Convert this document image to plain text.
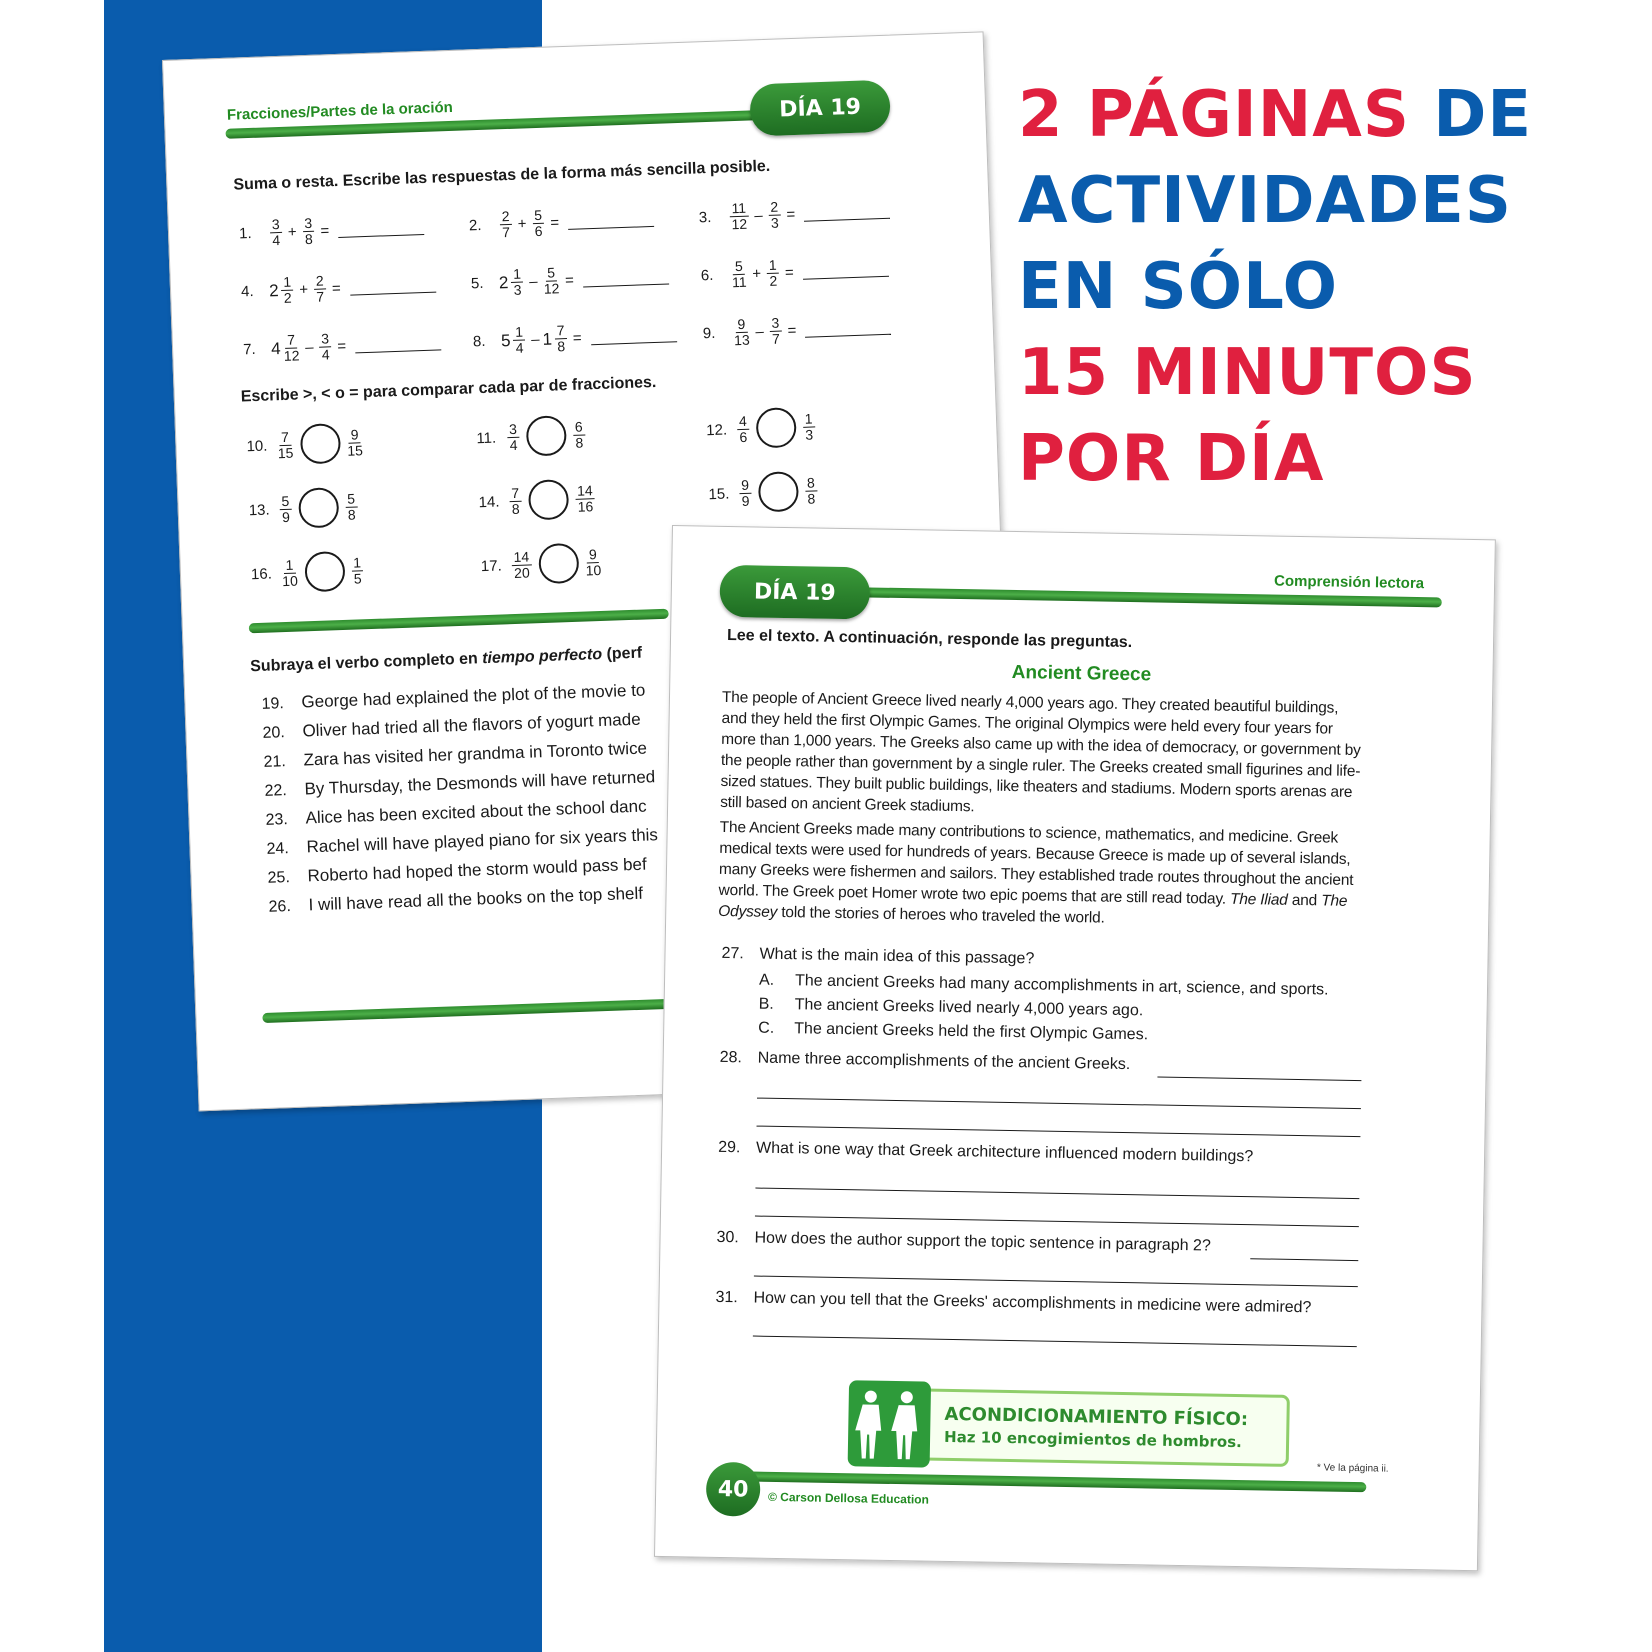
Fracciones/Partes de la oración	DÍA 19
Suma o resta. Escribe las respuestas de la forma más sencilla posible.
1.	$\frac{3}{4} + \frac{3}{8}$ =	2.	$\frac{2}{7} + \frac{5}{6}$ =	3.	$\frac{11}{12} - \frac{2}{3}$ =
4. $2 \frac{1}{2} + \frac{2}{7}$ =	5. $2 \frac{1}{3} - \frac{5}{12}$ =	6.	$\frac{5}{11} + \frac{1}{2}$ =
7. $4 \frac{7}{12} - \frac{3}{4}$ =	8. $5 \frac{1}{4} - 1 \frac{7}{8}$ =	9.	$\frac{9}{13} - \frac{3}{7}$ =
Escribe >, < o = para comparar cada par de fracciones.
10. $\frac{7}{15}$	$\frac{9}{15}$	11. $\frac{3}{4}$	$\frac{6}{8}$	12. $\frac{4}{6}$	$\frac{1}{3}$
13. $\frac{5}{9}$	$\frac{5}{8}$	14. $\frac{7}{8}$	$\frac{14}{16}$	15. $\frac{9}{9}$	$\frac{8}{8}$
16. $\frac{1}{10}$	$\frac{1}{5}$	17. $\frac{14}{20}$	$\frac{9}{10}$
Subraya el verbo completo en tiempo perfecto (perf
19. George had explained the plot of the movie to
20. Oliver had tried all the flavors of yogurt made
21. Zara has visited her grandma in Toronto twice
22. By Thursday, the Desmonds will have returned
23. Alice has been excited about the school danc
24. Rachel will have played piano for six years this
25. Roberto had hoped the storm would pass bef
26. I will have read all the books on the top shelf
2 PÁGINAS DE
ACTIVIDADES
EN SÓLO
15 MINUTOS
POR DÍA
DÍA 19	Comprensión lectora
Lee el texto. A continuación, responde las preguntas.
Ancient Greece
The people of Ancient Greece lived nearly 4,000 years ago. They created beautiful buildings, and they held the first Olympic Games. The original Olympics were held every four years for more than 1,000 years. The Greeks also came up with the idea of democracy, or government by the people rather than government by a single ruler. The Greeks created small figurines and life-sized statues. They built public buildings, like theaters and stadiums. Modern sports arenas are still based on ancient Greek stadiums.
The Ancient Greeks made many contributions to science, mathematics, and medicine. Greek medical texts were used for hundreds of years. Because Greece is made up of several islands, many Greeks were fishermen and sailors. They established trade routes throughout the ancient world. The Greek poet Homer wrote two epic poems that are still read today. The Iliad and The Odyssey told the stories of heroes who traveled the world.
27. What is the main idea of this passage?
A. The ancient Greeks had many accomplishments in art, science, and sports.
B. The ancient Greeks lived nearly 4,000 years ago.
C. The ancient Greeks held the first Olympic Games.
28. Name three accomplishments of the ancient Greeks.
29. What is one way that Greek architecture influenced modern buildings?
30. How does the author support the topic sentence in paragraph 2?
31. How can you tell that the Greeks' accomplishments in medicine were admired?
ACONDICIONAMIENTO FÍSICO:
Haz 10 encogimientos de hombros.
* Ve la página ii.
40	© Carson Dellosa Education
